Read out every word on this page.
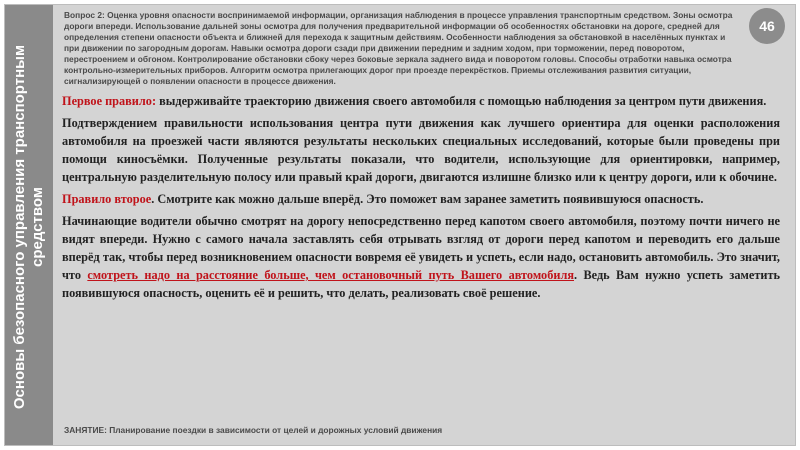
Основы безопасного управления транспортным средством
Вопрос 2: Оценка уровня опасности воспринимаемой информации, организация наблюдения в процессе управления транспортным средством. Зоны осмотра дороги впереди. Использование дальней зоны осмотра для получения предварительной информации об особенностях обстановки на дороге, средней для определения степени опасности объекта и ближней для перехода к защитным действиям. Особенности наблюдения за обстановкой в населённых пунктах и при движении по загородным дорогам. Навыки осмотра дороги сзади при движении передним и задним ходом, при торможении, перед поворотом, перестроением и обгоном. Контролирование обстановки сбоку через боковые зеркала заднего вида и поворотом головы. Способы отработки навыка осмотра контрольно-измерительных приборов. Алгоритм осмотра прилегающих дорог при проезде перекрёстков. Приемы отслеживания развития ситуации, сигнализирующей о появлении опасности в процессе движения.
46

Первое правило: выдерживайте траекторию движения своего автомобиля с помощью наблюдения за центром пути движения.

Подтверждением правильности использования центра пути движения как лучшего ориентира для оценки расположения автомобиля на проезжей части являются результаты нескольких специальных исследований, которые были проведены при помощи киносъёмки. Полученные результаты показали, что водители, использующие для ориентировки, например, центральную разделительную полосу или правый край дороги, двигаются излишне близко или к центру дороги, или к обочине.

Правило второе. Смотрите как можно дальше вперёд. Это поможет вам заранее заметить появившуюся опасность.

Начинающие водители обычно смотрят на дорогу непосредственно перед капотом своего автомобиля, поэтому почти ничего не видят впереди. Нужно с самого начала заставлять себя отрывать взгляд от дороги перед капотом и переводить его дальше вперёд так, чтобы перед возникновением опасности вовремя её увидеть и успеть, если надо, остановить автомобиль. Это значит, что смотреть надо на расстояние больше, чем остановочный путь Вашего автомобиля. Ведь Вам нужно успеть заметить появившуюся опасность, оценить её и решить, что делать, реализовать своё решение.

ЗАНЯТИЕ: Планирование поездки в зависимости от целей и дорожных условий движения
